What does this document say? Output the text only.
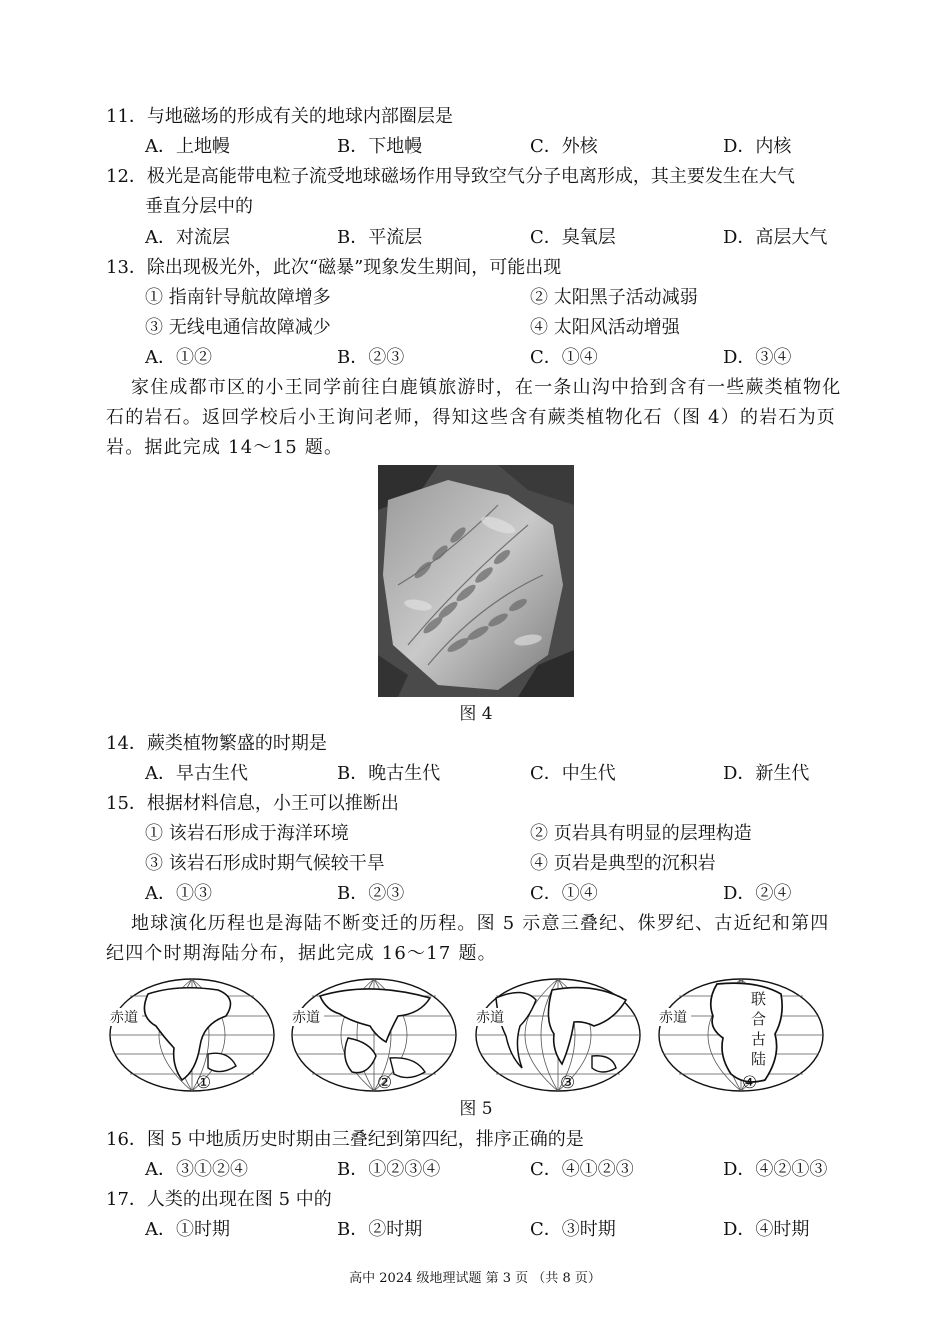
11．与地磁场的形成有关的地球内部圈层是
A．上地幔	B．下地幔	C．外核	D．内核
12．极光是高能带电粒子流受地球磁场作用导致空气分子电离形成，其主要发生在大气
垂直分层中的
A．对流层	B．平流层	C．臭氧层	D．高层大气
13．除出现极光外，此次“磁暴”现象发生期间，可能出现
① 指南针导航故障增多	② 太阳黑子活动减弱
③ 无线电通信故障减少	④ 太阳风活动增强
A．①②	B．②③	C．①④	D．③④
家住成都市区的小王同学前往白鹿镇旅游时，在一条山沟中拾到含有一些蕨类植物化石的岩石。返回学校后小王询问老师，得知这些含有蕨类植物化石（图 4）的岩石为页岩。据此完成 14～15 题。
图 4
14．蕨类植物繁盛的时期是
A．早古生代	B．晚古生代	C．中生代	D．新生代
15．根据材料信息，小王可以推断出
① 该岩石形成于海洋环境	② 页岩具有明显的层理构造
③ 该岩石形成时期气候较干旱	④ 页岩是典型的沉积岩
A．①③	B．②③	C．①④	D．②④
地球演化历程也是海陆不断变迁的历程。图 5 示意三叠纪、侏罗纪、古近纪和第四纪四个时期海陆分布，据此完成 16～17 题。
赤道	赤道	赤道	赤道
联
合
古
陆
①	②	③	④
图 5
16．图 5 中地质历史时期由三叠纪到第四纪，排序正确的是
A．③①②④	B．①②③④	C．④①②③	D．④②①③
17．人类的出现在图 5 中的
A．①时期	B．②时期	C．③时期	D．④时期
高中 2024 级地理试题 第 3 页 （共 8 页）
